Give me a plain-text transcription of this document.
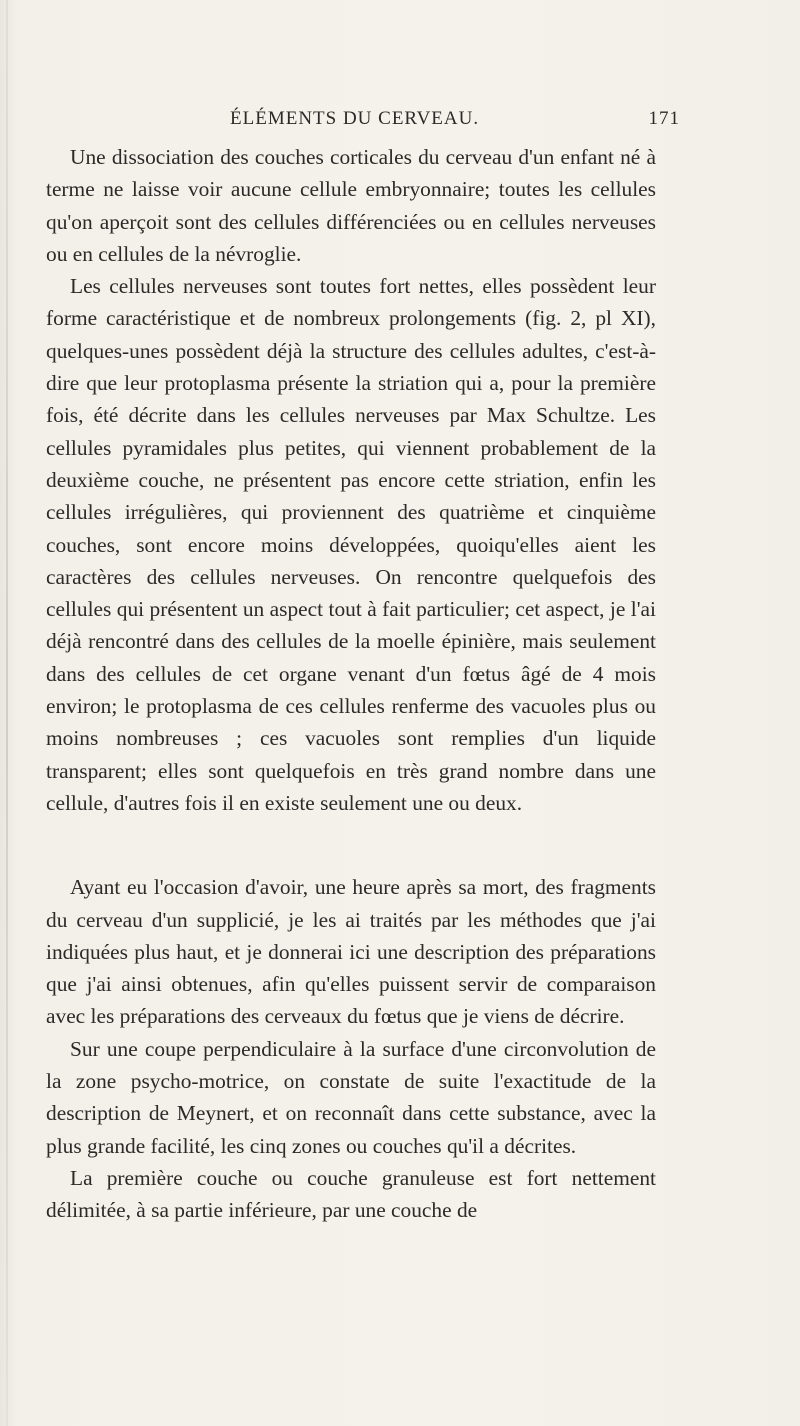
ÉLÉMENTS DU CERVEAU.	171

Une dissociation des couches corticales du cerveau d'un enfant né à terme ne laisse voir aucune cellule embryonnaire; toutes les cellules qu'on aperçoit sont des cellules différenciées ou en cellules nerveuses ou en cellules de la névroglie.

Les cellules nerveuses sont toutes fort nettes, elles possèdent leur forme caractéristique et de nombreux prolongements (fig. 2, pl XI), quelques-unes possèdent déjà la structure des cellules adultes, c'est-à-dire que leur protoplasma présente la striation qui a, pour la première fois, été décrite dans les cellules nerveuses par Max Schultze. Les cellules pyramidales plus petites, qui viennent probablement de la deuxième couche, ne présentent pas encore cette striation, enfin les cellules irrégulières, qui proviennent des quatrième et cinquième couches, sont encore moins développées, quoiqu'elles aient les caractères des cellules nerveuses. On rencontre quelquefois des cellules qui présentent un aspect tout à fait particulier; cet aspect, je l'ai déjà rencontré dans des cellules de la moelle épinière, mais seulement dans des cellules de cet organe venant d'un fœtus âgé de 4 mois environ; le protoplasma de ces cellules renferme des vacuoles plus ou moins nombreuses ; ces vacuoles sont remplies d'un liquide transparent; elles sont quelquefois en très grand nombre dans une cellule, d'autres fois il en existe seulement une ou deux.

Ayant eu l'occasion d'avoir, une heure après sa mort, des fragments du cerveau d'un supplicié, je les ai traités par les méthodes que j'ai indiquées plus haut, et je donnerai ici une description des préparations que j'ai ainsi obtenues, afin qu'elles puissent servir de comparaison avec les préparations des cerveaux du fœtus que je viens de décrire.

Sur une coupe perpendiculaire à la surface d'une circonvolution de la zone psycho-motrice, on constate de suite l'exactitude de la description de Meynert, et on reconnaît dans cette substance, avec la plus grande facilité, les cinq zones ou couches qu'il a décrites.

La première couche ou couche granuleuse est fort nettement délimitée, à sa partie inférieure, par une couche de
